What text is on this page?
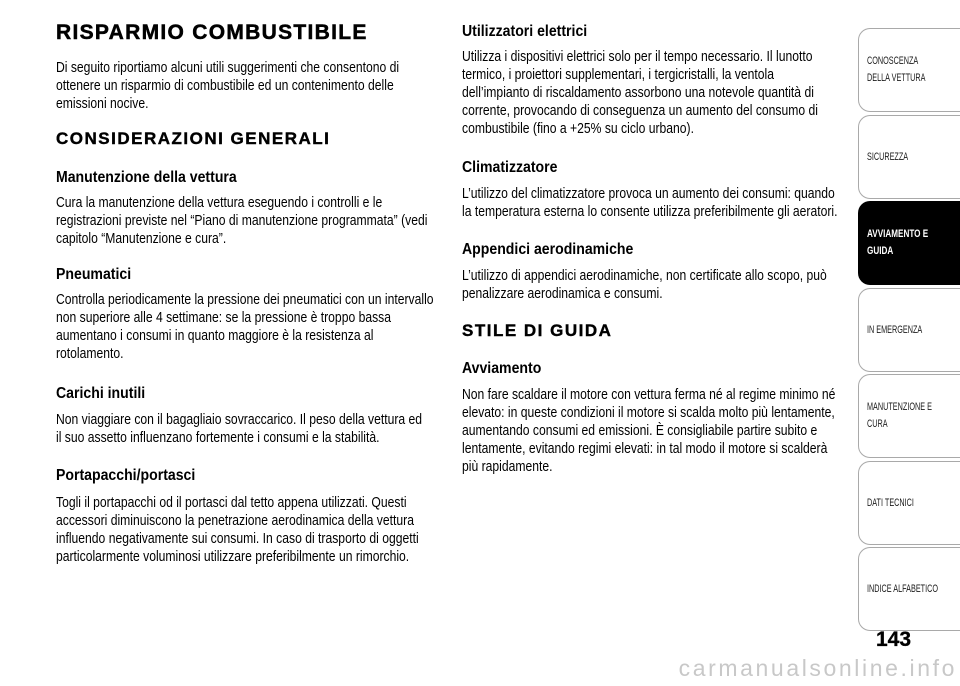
RISPARMIO COMBUSTIBILE
Di seguito riportiamo alcuni utili suggerimenti che consentono di
ottenere un risparmio di combustibile ed un contenimento delle
emissioni nocive.
CONSIDERAZIONI GENERALI
Manutenzione della vettura
Cura la manutenzione della vettura eseguendo i controlli e le
registrazioni previste nel “Piano di manutenzione programmata” (vedi
capitolo “Manutenzione e cura”.
Pneumatici
Controlla periodicamente la pressione dei pneumatici con un intervallo
non superiore alle 4 settimane: se la pressione è troppo bassa
aumentano i consumi in quanto maggiore è la resistenza al
rotolamento.
Carichi inutili
Non viaggiare con il bagagliaio sovraccarico. Il peso della vettura ed
il suo assetto influenzano fortemente i consumi e la stabilità.
Portapacchi/portasci
Togli il portapacchi od il portasci dal tetto appena utilizzati. Questi
accessori diminuiscono la penetrazione aerodinamica della vettura
influendo negativamente sui consumi. In caso di trasporto di oggetti
particolarmente voluminosi utilizzare preferibilmente un rimorchio.
Utilizzatori elettrici
Utilizza i dispositivi elettrici solo per il tempo necessario. Il lunotto
termico, i proiettori supplementari, i tergicristalli, la ventola
dell’impianto di riscaldamento assorbono una notevole quantità di
corrente, provocando di conseguenza un aumento del consumo di
combustibile (fino a +25% su ciclo urbano).
Climatizzatore
L’utilizzo del climatizzatore provoca un aumento dei consumi: quando
la temperatura esterna lo consente utilizza preferibilmente gli aeratori.
Appendici aerodinamiche
L’utilizzo di appendici aerodinamiche, non certificate allo scopo, può
penalizzare aerodinamica e consumi.
STILE DI GUIDA
Avviamento
Non fare scaldare il motore con vettura ferma né al regime minimo né
elevato: in queste condizioni il motore si scalda molto più lentamente,
aumentando consumi ed emissioni. È consigliabile partire subito e
lentamente, evitando regimi elevati: in tal modo il motore si scalderà
più rapidamente.
CONOSCENZA
DELLA VETTURA
SICUREZZA
AVVIAMENTO E
GUIDA
IN EMERGENZA
MANUTENZIONE E
CURA
DATI TECNICI
INDICE ALFABETICO
143
carmanualsonline.info
